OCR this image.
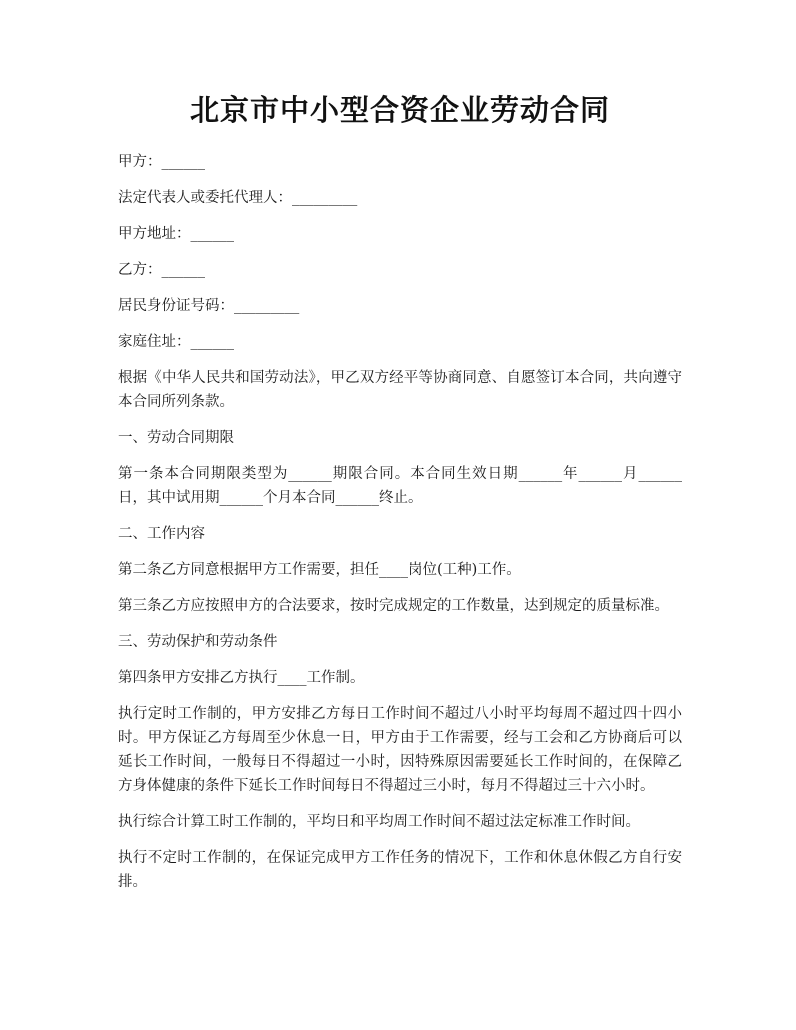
北京市中小型合资企业劳动合同

甲方：______

法定代表人或委托代理人：_________

甲方地址：______

乙方：______

居民身份证号码：_________

家庭住址：______

根据《中华人民共和国劳动法》，甲乙双方经平等协商同意、自愿签订本合同，共向遵守本合同所列条款。

一、劳动合同期限

第一条本合同期限类型为______期限合同。本合同生效日期______年______月______日，其中试用期______个月本合同______终止。

二、工作内容

第二条乙方同意根据甲方工作需要，担任____岗位(工种)工作。

第三条乙方应按照申方的合法要求，按时完成规定的工作数量，达到规定的质量标准。

三、劳动保护和劳动条件

第四条甲方安排乙方执行____工作制。

执行定时工作制的，甲方安排乙方每日工作时间不超过八小时平均每周不超过四十四小时。甲方保证乙方每周至少休息一日，甲方由于工作需要，经与工会和乙方协商后可以延长工作时间，一般每日不得超过一小时，因特殊原因需要延长工作时间的，在保障乙方身体健康的条件下延长工作时间每日不得超过三小时，每月不得超过三十六小时。

执行综合计算工时工作制的，平均日和平均周工作时间不超过法定标准工作时间。

执行不定时工作制的，在保证完成甲方工作任务的情况下，工作和休息休假乙方自行安排。
